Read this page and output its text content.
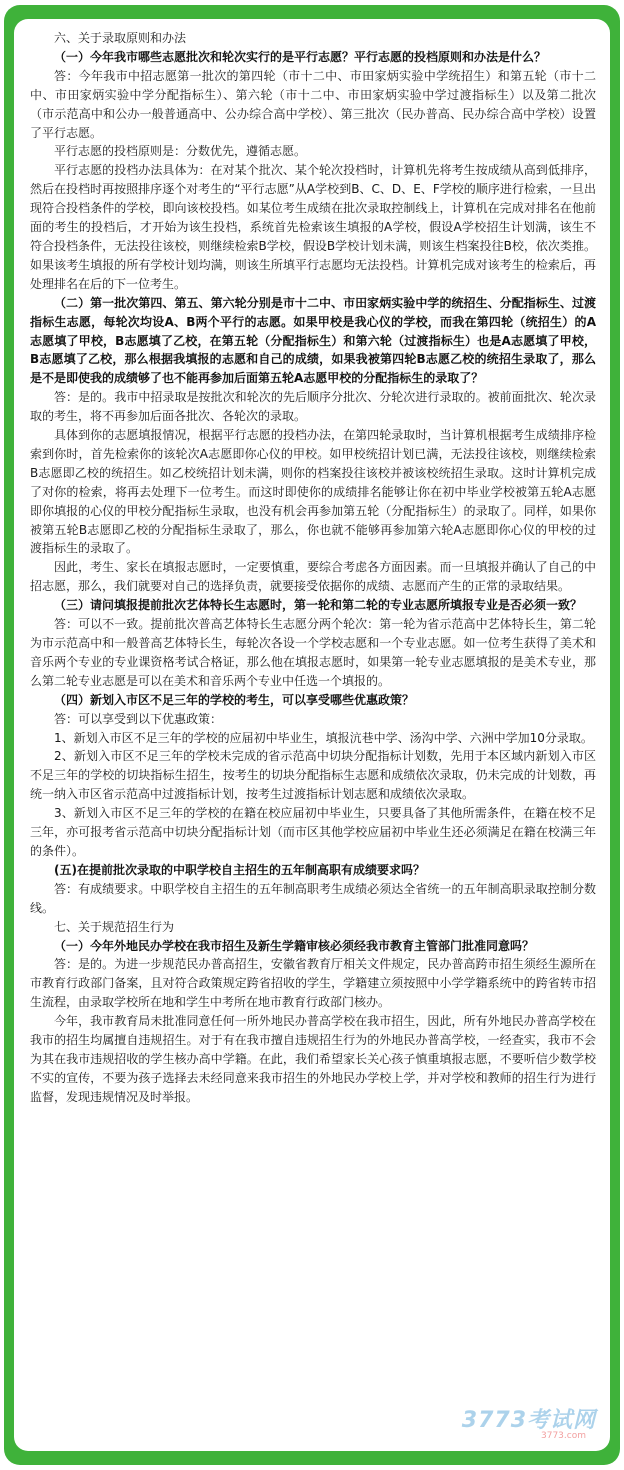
六、关于录取原则和办法

（一）今年我市哪些志愿批次和轮次实行的是平行志愿？平行志愿的投档原则和办法是什么？

答：今年我市中招志愿第一批次的第四轮（市十二中、市田家炳实验中学统招生）和第五轮（市十二中、市田家炳实验中学分配指标生）、第六轮（市十二中、市田家炳实验中学过渡指标生）以及第二批次（市示范高中和公办一般普通高中、公办综合高中学校）、第三批次（民办普高、民办综合高中学校）设置了平行志愿。

平行志愿的投档原则是：分数优先，遵循志愿。

平行志愿的投档办法具体为：在对某个批次、某个轮次投档时，计算机先将考生按成绩从高到低排序，然后在投档时再按照排序逐个对考生的“平行志愿”从A学校到B、C、D、E、F学校的顺序进行检索，一旦出现符合投档条件的学校，即向该校投档。如某位考生成绩在批次录取控制线上，计算机在完成对排名在他前面的考生的投档后，才开始为该生投档，系统首先检索该生填报的A学校，假设A学校招生计划满，该生不符合投档条件，无法投往该校，则继续检索B学校，假设B学校计划未满，则该生档案投往B校，依次类推。如果该考生填报的所有学校计划均满，则该生所填平行志愿均无法投档。计算机完成对该考生的检索后，再处理排名在后的下一位考生。

（二）第一批次第四、第五、第六轮分别是市十二中、市田家炳实验中学的统招生、分配指标生、过渡指标生志愿，每轮次均设A、B两个平行的志愿。如果甲校是我心仪的学校，而我在第四轮（统招生）的A志愿填了甲校，B志愿填了乙校，在第五轮（分配指标生）和第六轮（过渡指标生）也是A志愿填了甲校，B志愿填了乙校，那么根据我填报的志愿和自己的成绩，如果我被第四轮B志愿乙校的统招生录取了，那么是不是即使我的成绩够了也不能再参加后面第五轮A志愿甲校的分配指标生的录取了？

答：是的。我市中招录取是按批次和轮次的先后顺序分批次、分轮次进行录取的。被前面批次、轮次录取的考生，将不再参加后面各批次、各轮次的录取。

具体到你的志愿填报情况，根据平行志愿的投档办法，在第四轮录取时，当计算机根据考生成绩排序检索到你时，首先检索你的该轮次A志愿即你心仪的甲校。如甲校统招计划已满，无法投往该校，则继续检索B志愿即乙校的统招生。如乙校统招计划未满，则你的档案投往该校并被该校统招生录取。这时计算机完成了对你的检索，将再去处理下一位考生。而这时即使你的成绩排名能够让你在初中毕业学校被第五轮A志愿即你填报的心仪的甲校分配指标生录取，也没有机会再参加第五轮（分配指标生）的录取了。同样，如果你被第五轮B志愿即乙校的分配指标生录取了，那么，你也就不能够再参加第六轮A志愿即你心仪的甲校的过渡指标生的录取了。

因此，考生、家长在填报志愿时，一定要慎重，要综合考虑各方面因素。而一旦填报并确认了自己的中招志愿，那么，我们就要对自己的选择负责，就要接受依据你的成绩、志愿而产生的正常的录取结果。

（三）请问填报提前批次艺体特长生志愿时，第一轮和第二轮的专业志愿所填报专业是否必须一致？

答：可以不一致。提前批次普高艺体特长生志愿分两个轮次：第一轮为省示范高中艺体特长生，第二轮为市示范高中和一般普高艺体特长生，每轮次各设一个学校志愿和一个专业志愿。如一位考生获得了美术和音乐两个专业的专业课资格考试合格证，那么他在填报志愿时，如果第一轮专业志愿填报的是美术专业，那么第二轮专业志愿是可以在美术和音乐两个专业中任选一个填报的。

（四）新划入市区不足三年的学校的考生，可以享受哪些优惠政策？

答：可以享受到以下优惠政策：

1、新划入市区不足三年的学校的应届初中毕业生，填报沆巷中学、汤沟中学、六洲中学加10分录取。

2、新划入市区不足三年的学校未完成的省示范高中切块分配指标计划数，先用于本区域内新划入市区不足三年的学校的切块指标生招生，按考生的切块分配指标生志愿和成绩依次录取，仍未完成的计划数，再统一纳入市区省示范高中过渡指标计划，按考生过渡指标计划志愿和成绩依次录取。

3、新划入市区不足三年的学校的在籍在校应届初中毕业生，只要具备了其他所需条件，在籍在校不足三年，亦可报考省示范高中切块分配指标计划（而市区其他学校应届初中毕业生还必须满足在籍在校满三年的条件）。

(五)在提前批次录取的中职学校自主招生的五年制高职有成绩要求吗？

答：有成绩要求。中职学校自主招生的五年制高职考生成绩必须达全省统一的五年制高职录取控制分数线。

七、关于规范招生行为

（一）今年外地民办学校在我市招生及新生学籍审核必须经我市教育主管部门批准同意吗？

答：是的。为进一步规范民办普高招生，安徽省教育厅相关文件规定，民办普高跨市招生须经生源所在市教育行政部门备案，且对符合政策规定跨省招收的学生，学籍建立须按照中小学学籍系统中的跨省转市招生流程，由录取学校所在地和学生中考所在地市教育行政部门核办。

今年，我市教育局未批准同意任何一所外地民办普高学校在我市招生，因此，所有外地民办普高学校在我市的招生均属擅自违规招生。对于有在我市擅自违规招生行为的外地民办普高学校，一经查实，我市不会为其在我市违规招收的学生核办高中学籍。在此，我们希望家长关心孩子慎重填报志愿，不要听信少数学校不实的宣传，不要为孩子选择去未经同意来我市招生的外地民办学校上学，并对学校和教师的招生行为进行监督，发现违规情况及时举报。

3773考试网
3773.com
